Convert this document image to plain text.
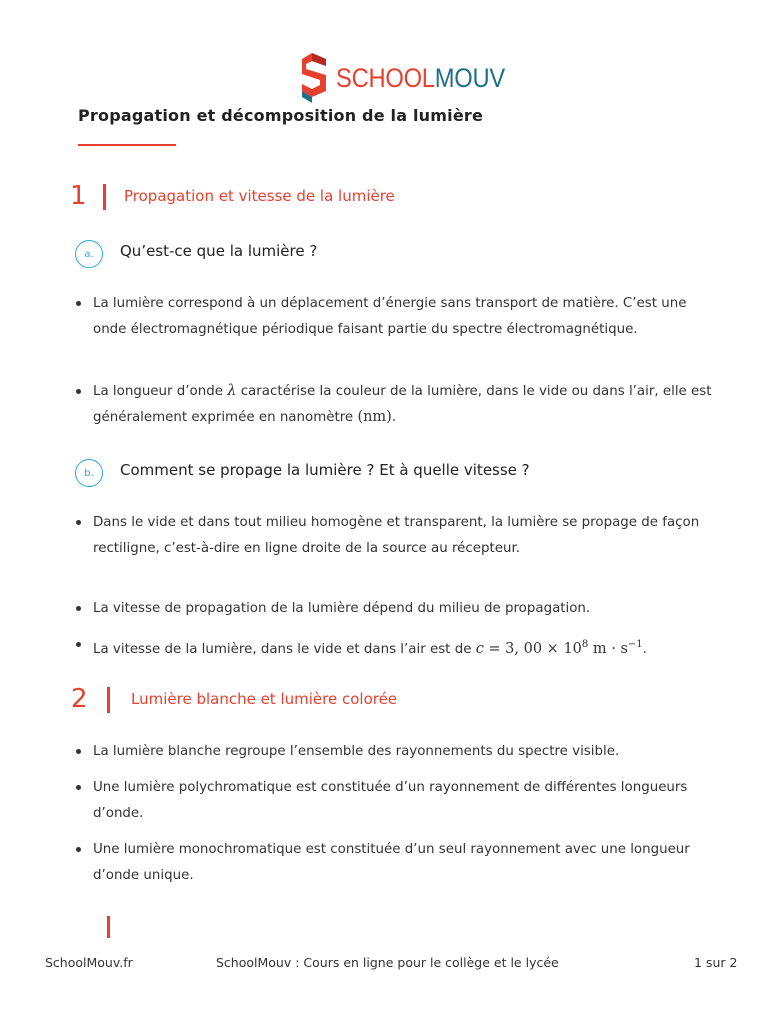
SCHOOLMOUV
Propagation et décomposition de la lumière
1 Propagation et vitesse de la lumière
a. Qu’est-ce que la lumière ?
La lumière correspond à un déplacement d’énergie sans transport de matière. C’est une onde électromagnétique périodique faisant partie du spectre électromagnétique.
La longueur d’onde λ caractérise la couleur de la lumière, dans le vide ou dans l’air, elle est généralement exprimée en nanomètre (nm).
b. Comment se propage la lumière ? Et à quelle vitesse ?
Dans le vide et dans tout milieu homogène et transparent, la lumière se propage de façon rectiligne, c’est-à-dire en ligne droite de la source au récepteur.
La vitesse de propagation de la lumière dépend du milieu de propagation.
La vitesse de la lumière, dans le vide et dans l’air est de c = 3, $00 \times 10^8$ $m \cdot s^{-1}$.
2	Lumière blanche et lumière colorée
La lumière blanche regroupe l’ensemble des rayonnements du spectre visible.
Une lumière polychromatique est constituée d’un rayonnement de différentes longueurs d’onde.
Une lumière monochromatique est constituée d’un seul rayonnement avec une longueur d’onde unique.
SchoolMouv.fr	SchoolMouv : Cours en ligne pour le collège et le lycée	1 sur 2
